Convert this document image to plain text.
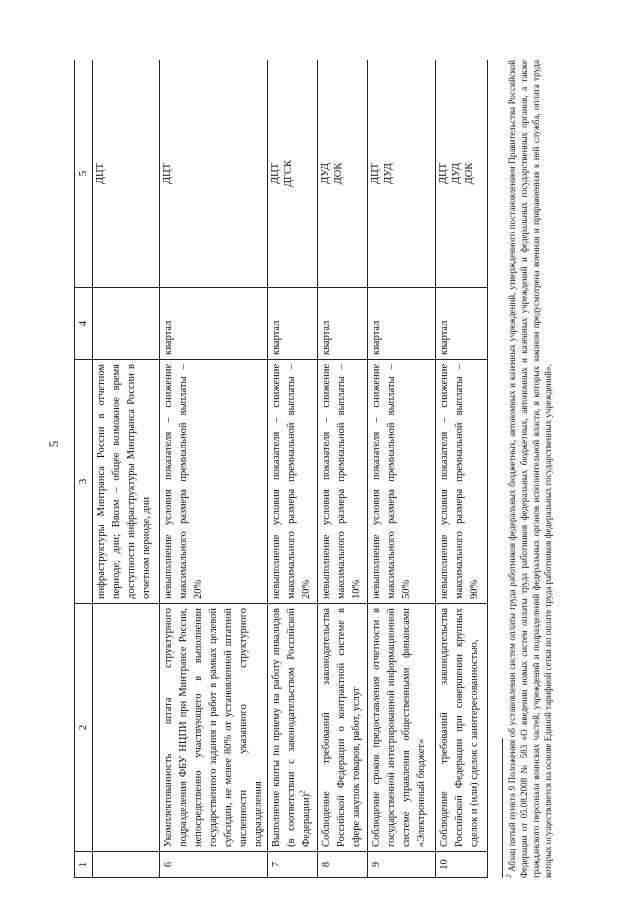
5
1	2	3	4	5
		инфраструктуры Минтранса России в отчетном периоде, дни; Ввозм – общее возможное время доступности инфраструктуры Минтранса России в отчетном периоде, дни		ДЦТ

6	Укомплектованность штата структурного подразделения ФБУ НЦПИ при Минтрансе России, непосредственно участвующего в выполнении государственного задания и работ в рамках целевой субсидии, не менее 80% от установленной штатной численности указанного структурного подразделения	невыполнение условия показателя – снижение максимального размера премиальной выплаты – 20%	квартал	ДЦТ

7	Выполнение квоты по приему на работу инвалидов (в соответствии с законодательством Российской Федерации)$^2$	невыполнение условия показателя – снижение максимального размера премиальной выплаты – 20%	квартал	ДЦТ ДГСК

8	Соблюдение требований законодательства Российской Федерации о контрактной системе в сфере закупок товаров, работ, услуг	невыполнение условия показателя – снижение максимального размера премиальной выплаты – 10%	квартал	ДУД ДОК

9	Соблюдение сроков предоставления отчетности в государственной интегрированной информационной системе управления общественными финансами «Электронный бюджет»	невыполнение условия показателя – снижение максимального размера премиальной выплаты – 50%	квартал	ДЦТ ДУД

10	Соблюдение требований законодательства Российской Федерации при совершении крупных сделок и (или) сделок с заинтересованностью,	невыполнение условия показателя – снижение максимального размера премиальной выплаты – 90%	квартал	ДЦТ ДУД ДОК
$^2$ Абзац пятый пункта 9 Положения об установлении систем оплаты труда работников федеральных бюджетных, автономных и казенных учреждений, утвержденного постановлением Правительства Российской Федерации от 05.08.2008 № 583 «О введении новых систем оплаты труда работников федеральных бюджетных, автономных и казенных учреждений и федеральных государственных органов, а также гражданского персонала воинских частей, учреждений и подразделений федеральных органов исполнительной власти, в которых законом предусмотрена военная и приравненная к ней служба, оплата труда которых осуществляется на основе Единой тарифной сетки по оплате труда работников федеральных государственных учреждений».
